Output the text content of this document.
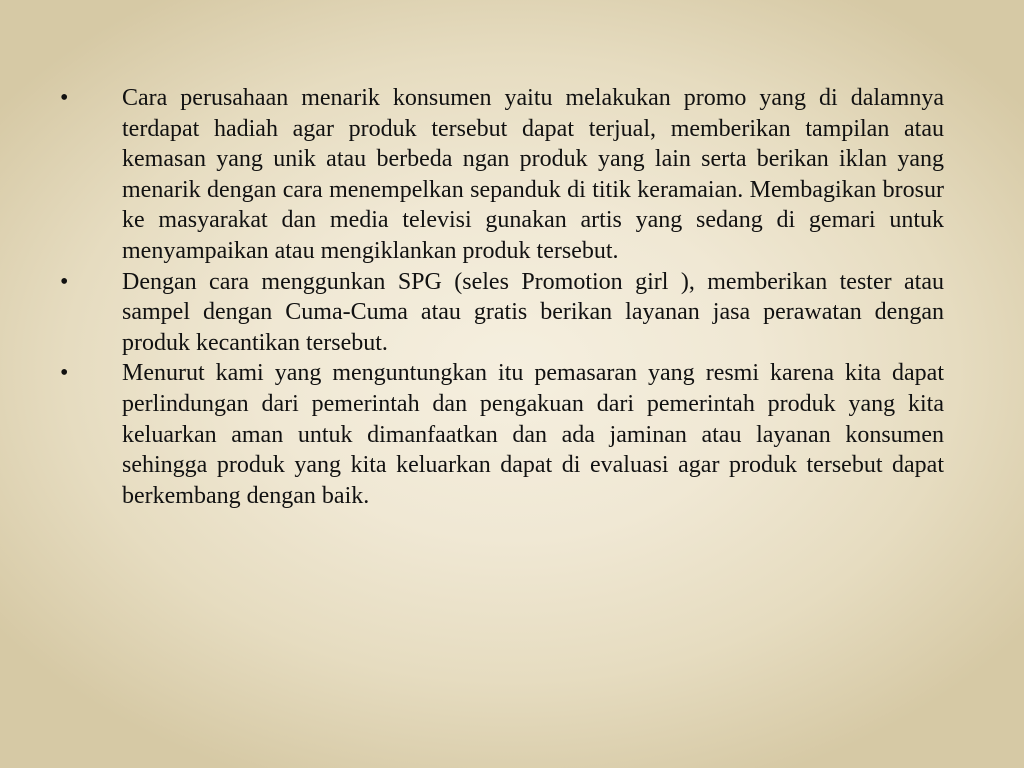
•	Cara perusahaan menarik konsumen yaitu melakukan promo yang di dalamnya terdapat hadiah agar produk tersebut dapat terjual, memberikan tampilan atau kemasan yang unik atau berbeda ngan produk yang lain serta berikan iklan yang menarik dengan cara menempelkan sepanduk di titik keramaian. Membagikan brosur ke masyarakat dan media televisi gunakan artis yang sedang di gemari untuk menyampaikan atau mengiklankan produk tersebut.
•	Dengan cara menggunkan SPG (seles Promotion girl ), memberikan tester atau sampel dengan Cuma-Cuma atau gratis berikan layanan jasa perawatan dengan produk kecantikan tersebut.
•	Menurut kami yang menguntungkan itu pemasaran yang resmi karena kita dapat perlindungan dari pemerintah dan pengakuan dari pemerintah produk yang kita keluarkan aman untuk dimanfaatkan dan ada jaminan atau layanan konsumen sehingga produk yang kita keluarkan dapat di evaluasi agar produk tersebut dapat berkembang dengan baik.
